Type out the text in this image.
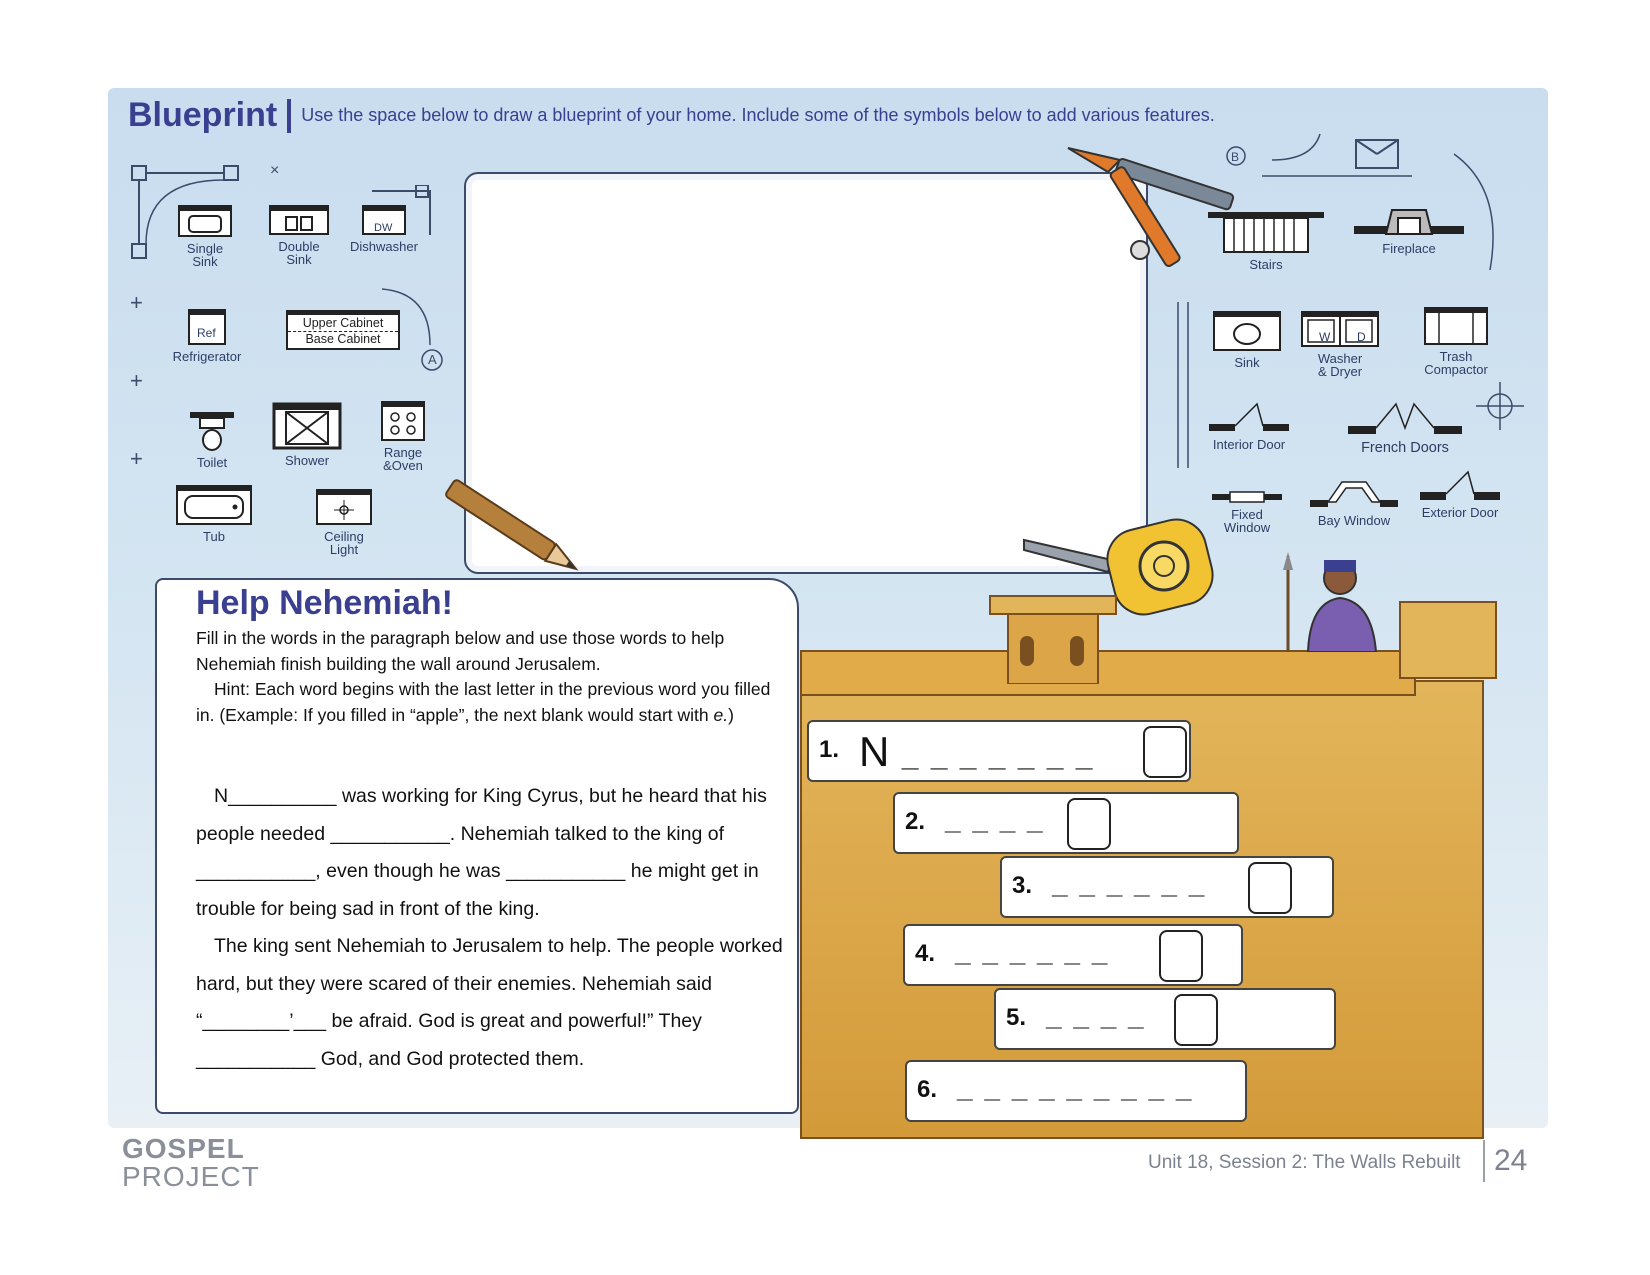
Blueprint Use the space below to draw a blueprint of your home. Include some of the symbols below to add various features.
+
+
+
×
Single Sink
Double Sink
DW
Dishwasher
Ref
Refrigerator
Upper Cabinet
Base Cabinet
A
Toilet	Shower
Range &Oven
Tub	Ceiling Light
B
Stairs
Fireplace
Sink
W D
Washer & Dryer
Trash Compactor
Interior Door	French Doors
Fixed Window	Bay Window
Exterior Door
1. N _ _ _ _ _ _ _
2. _ _ _ _
3. _ _ _ _ _ _
4. _ _ _ _ _ _
5. _ _ _ _
6. _ _ _ _ _ _ _ _ _
Help Nehemiah!
Fill in the words in the paragraph below and use those words to help Nehemiah finish building the wall around Jerusalem.
Hint: Each word begins with the last letter in the previous word you filled in. (Example: If you filled in “apple”, the next blank would start with e.)
N__________ was working for King Cyrus, but he heard that his people needed ___________. Nehemiah talked to the king of ___________, even though he was ___________ he might get in trouble for being sad in front of the king.
The king sent Nehemiah to Jerusalem to help. The people worked hard, but they were scared of their enemies. Nehemiah said “________’___ be afraid. God is great and powerful!” They ___________ God, and God protected them.
GOSPEL
PROJECT	Unit 18, Session 2: The Walls Rebuilt 24
